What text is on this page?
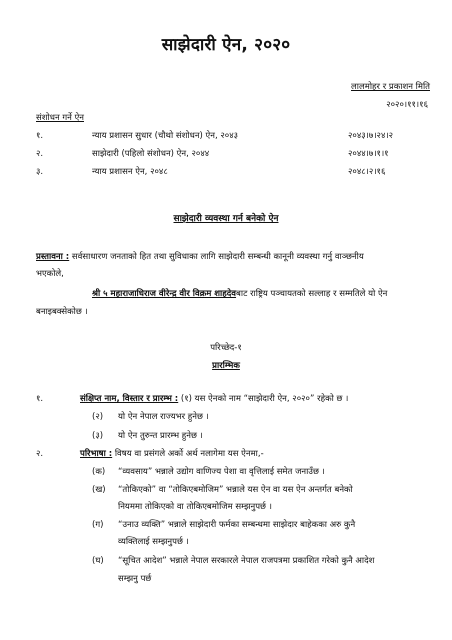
साझेदारी ऐन, २०२०
लालमोहर र प्रकाशन मिति
२०२०।११।१६
संशोधन गर्ने ऐन
१.	न्याय प्रशासन सुधार (चौथो संशोधन) ऐन, २०४३	२०४३।७।२४।२
२.	साझेदारी (पहिलो संशोधन) ऐन, २०४४	२०४४।७।१।१
३.	न्याय प्रशासन ऐन, २०४८	२०४८।२।१६
साझेदारी व्यवस्था गर्न बनेको ऐन
प्रस्तावना : सर्वसाधारण जनताको हित तथा सुविधाका लागि साझेदारी सम्बन्धी कानूनी व्यवस्था गर्नु वाञ्छनीय
भएकोले,
श्री ५ महाराजाधिराज वीरेन्द्र वीर विक्रम शाहदेवबाट राष्ट्रिय पञ्चायतको सल्लाह र सम्मतिले यो ऐन
बनाइबक्सेकोछ ।
परिच्छेद-१
प्रारम्भिक
१.	संक्षिप्त नाम, विस्तार र प्रारम्भ : (१) यस ऐनको नाम “साझेदारी ऐन, २०२०” रहेको छ ।
(२) यो ऐन नेपाल राज्यभर हुनेछ ।
(३) यो ऐन तुरुन्त प्रारम्भ हुनेछ ।
२.	परिभाषा : विषय वा प्रसंगले अर्को अर्थ नलागेमा यस ऐनमा,-
(क) “व्यवसाय” भन्नाले उद्योग वाणिज्य पेशा वा वृत्तिलाई समेत जनाउँछ ।
(ख) “तोकिएको” वा “तोकिएबमोजिम” भन्नाले यस ऐन वा यस ऐन अन्तर्गत बनेको
नियममा तोकिएको वा तोकिएबमोजिम सम्झनुपर्छ ।
(ग) “उनाउ व्यक्ति” भन्नाले साझेदारी फर्मका सम्बन्धमा साझेदार बाहेकका अरु कुनै
व्यक्तिलाई सम्झनुपर्छ ।
(घ) “सूचित आदेश” भन्नाले नेपाल सरकारले नेपाल राजपत्रमा प्रकाशित गरेको कुनै आदेश
सम्झनु पर्छ
